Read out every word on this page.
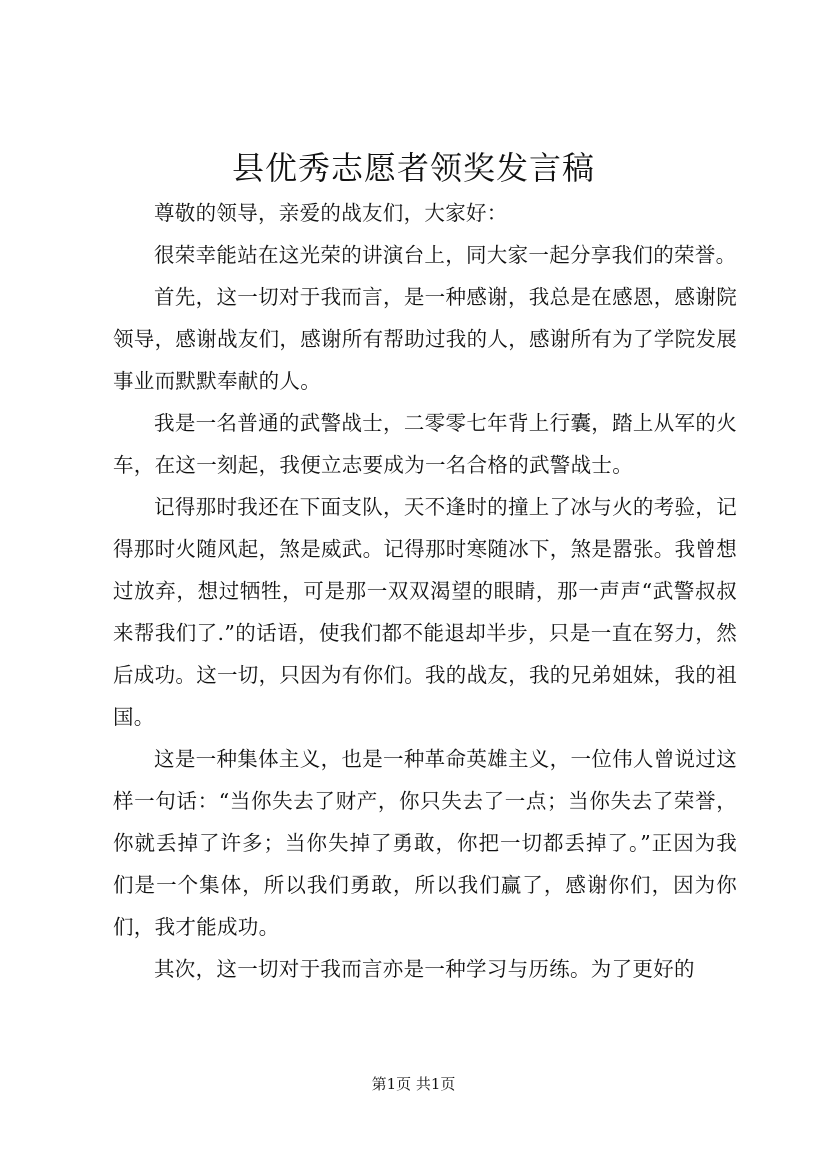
县优秀志愿者领奖发言稿

尊敬的领导，亲爱的战友们，大家好：

很荣幸能站在这光荣的讲演台上，同大家一起分享我们的荣誉。

首先，这一切对于我而言，是一种感谢，我总是在感恩，感谢院领导，感谢战友们，感谢所有帮助过我的人，感谢所有为了学院发展事业而默默奉献的人。

我是一名普通的武警战士，二零零七年背上行囊，踏上从军的火车，在这一刻起，我便立志要成为一名合格的武警战士。

记得那时我还在下面支队，天不逢时的撞上了冰与火的考验，记得那时火随风起，煞是威武。记得那时寒随冰下，煞是嚣张。我曾想过放弃，想过牺牲，可是那一双双渴望的眼睛，那一声声“武警叔叔来帮我们了.”的话语，使我们都不能退却半步，只是一直在努力，然后成功。这一切，只因为有你们。我的战友，我的兄弟姐妹，我的祖国。

这是一种集体主义，也是一种革命英雄主义，一位伟人曾说过这样一句话：“当你失去了财产，你只失去了一点；当你失去了荣誉，你就丢掉了许多；当你失掉了勇敢，你把一切都丢掉了。”正因为我们是一个集体，所以我们勇敢，所以我们赢了，感谢你们，因为你们，我才能成功。

其次，这一切对于我而言亦是一种学习与历练。为了更好的

第1页 共1页
